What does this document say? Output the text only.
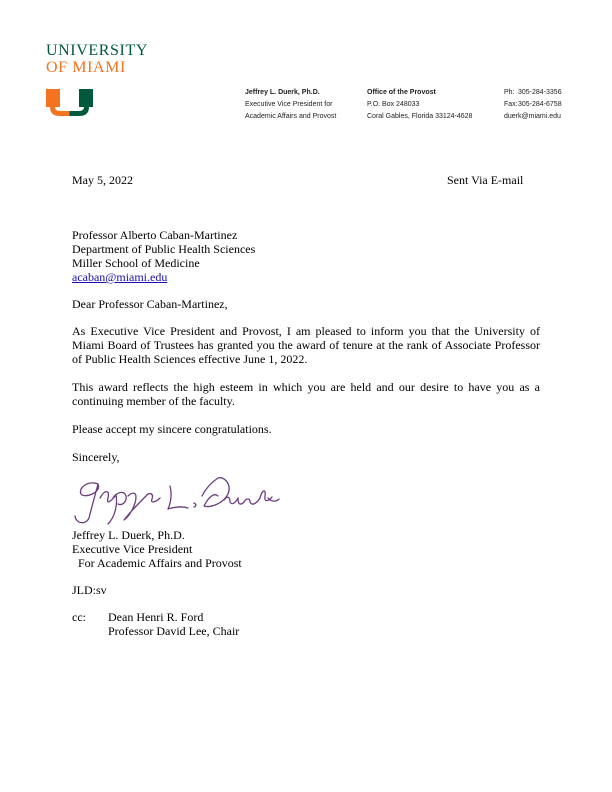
UNIVERSITY
OF MIAMI
Jeffrey L. Duerk, Ph.D.
Executive Vice President for
Academic Affairs and Provost
Office of the Provost
P.O. Box 248033
Coral Gables, Florida 33124-4628
Ph: 305-284-3356
Fax: 305-284-6758
duerk@miami.edu
May 5, 2022	Sent Via E-mail
Professor Alberto Caban-Martinez
Department of Public Health Sciences
Miller School of Medicine
acaban@miami.edu
Dear Professor Caban-Martinez,
As Executive Vice President and Provost, I am pleased to inform you that the University of Miami Board of Trustees has granted you the award of tenure at the rank of Associate Professor of Public Health Sciences effective June 1, 2022.
This award reflects the high esteem in which you are held and our desire to have you as a continuing member of the faculty.
Please accept my sincere congratulations.
Sincerely,
Jeffrey L. Duerk, Ph.D.
Executive Vice President
For Academic Affairs and Provost
JLD:sv
cc: Dean Henri R. Ford
Professor David Lee, Chair
